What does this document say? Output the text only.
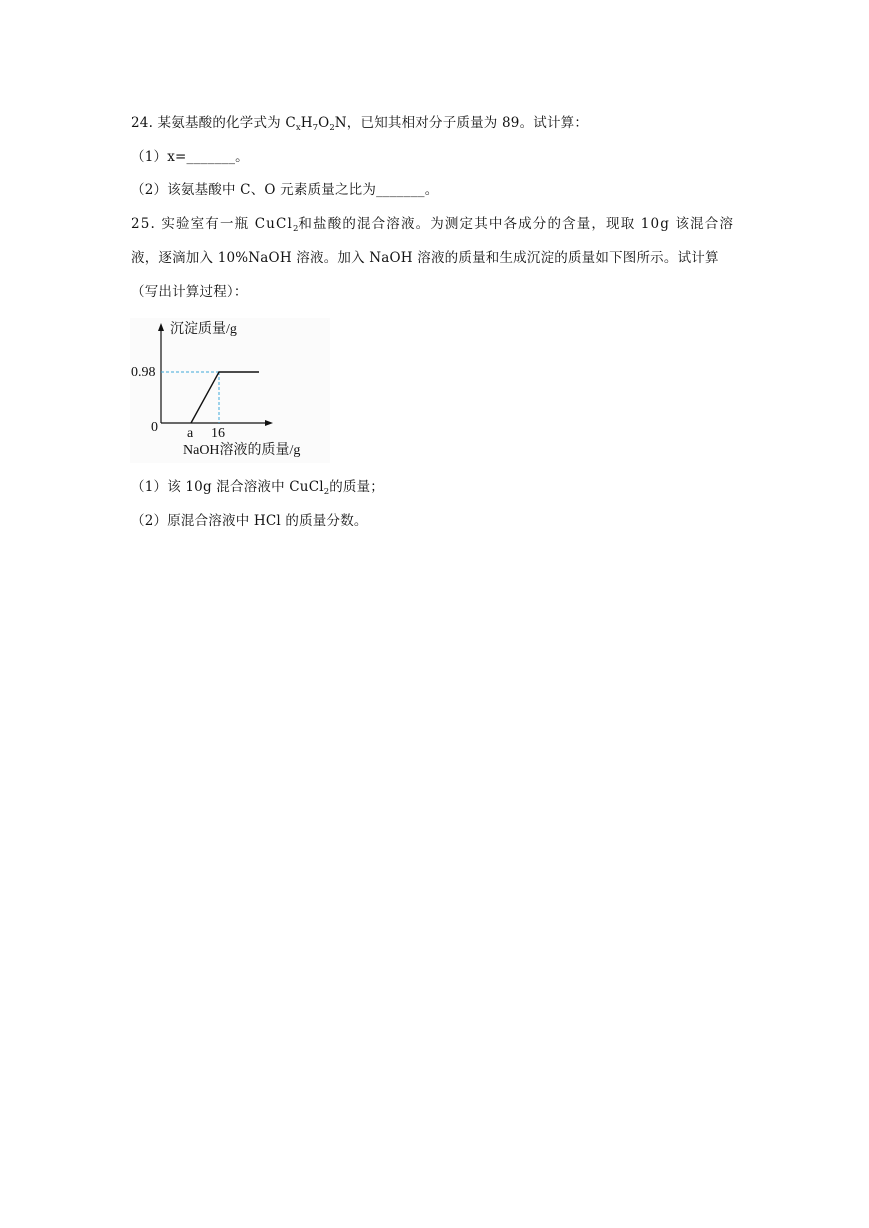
24. 某氨基酸的化学式为 $C_xH_7O_2N$，已知其相对分子质量为 89。试计算：
（1）x=_______。
（2）该氨基酸中 C、O 元素质量之比为_______。
25. 实验室有一瓶 CuCl$_2$和盐酸的混合溶液。为测定其中各成分的含量，现取 10g 该混合溶
液，逐滴加入 10%NaOH 溶液。加入 NaOH 溶液的质量和生成沉淀的质量如下图所示。试计算
（写出计算过程）：
沉淀质量/g
0.98
0 a 16
NaOH溶液的质量/g
（1）该 10g 混合溶液中 CuCl$_2$的质量；
（2）原混合溶液中 HCl 的质量分数。
